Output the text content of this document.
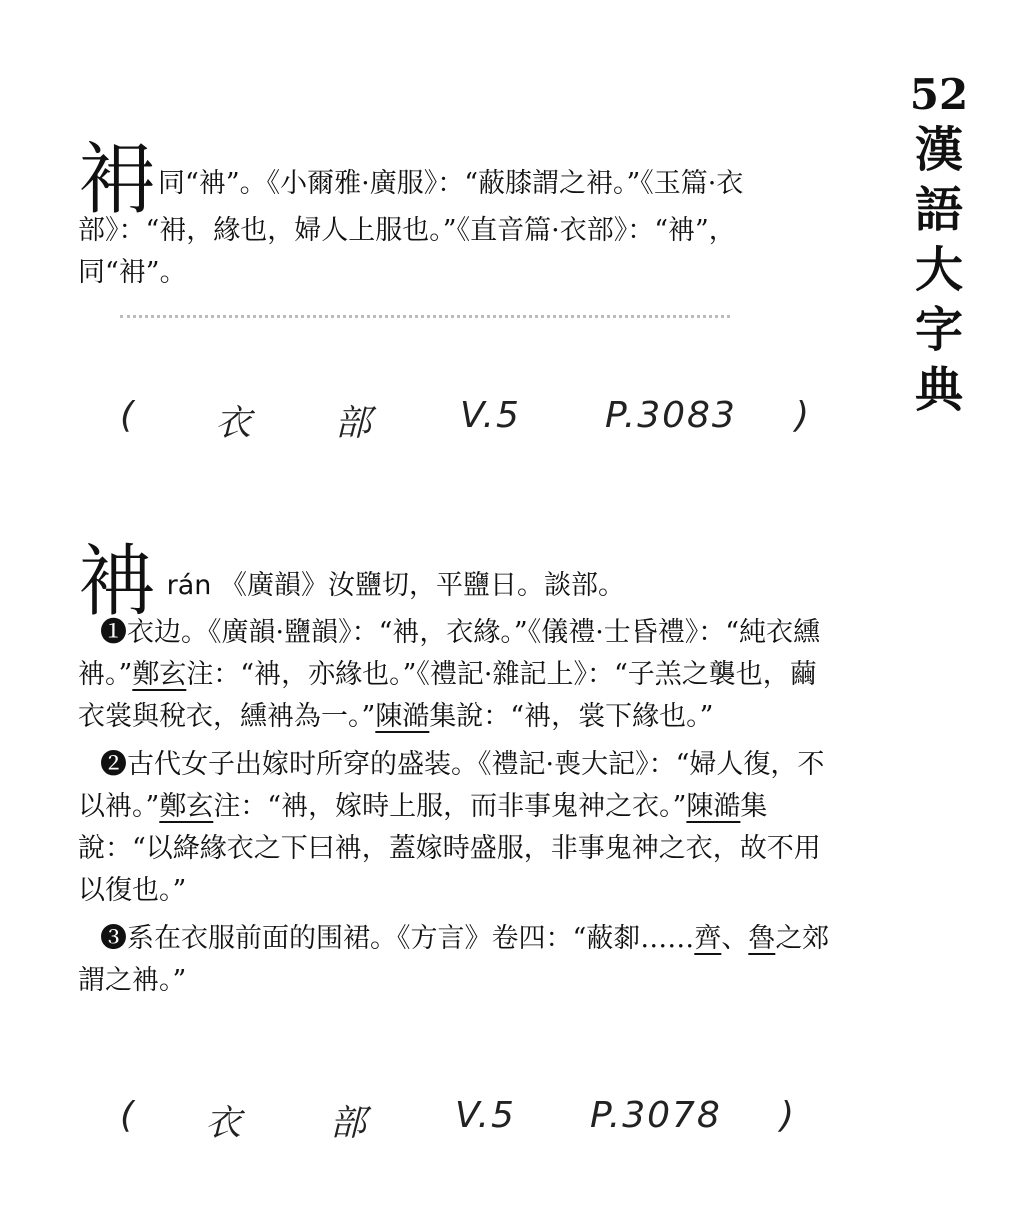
52
漢
語
大
字
典

衻同“袡”。《小爾雅·廣服》：“蔽膝謂之衻。”《玉篇·衣部》：“衻，緣也，婦人上服也。”《直音篇·衣部》：“袡”，同“衻”。

( 衣 部 V.5 P.3083 )

袡 rán 《廣韻》汝鹽切，平鹽日。談部。

❶衣边。《廣韻·鹽韻》：“袡，衣緣。”《儀禮·士昏禮》：“純衣纁袡。”鄭玄注：“袡，亦緣也。”《禮記·雜記上》：“子羔之襲也，繭衣裳與稅衣，纁袡為一。”陳澔集說：“袡，裳下緣也。”

❷古代女子出嫁时所穿的盛装。《禮記·喪大記》：“婦人復，不以袡。”鄭玄注：“袡，嫁時上服，而非事鬼神之衣。”陳澔集說：“以絳緣衣之下曰袡，蓋嫁時盛服，非事鬼神之衣，故不用以復也。”

❸系在衣服前面的围裙。《方言》卷四：“蔽厀……齊、魯之郊謂之袡。”

( 衣 部 V.5 P.3078 )
